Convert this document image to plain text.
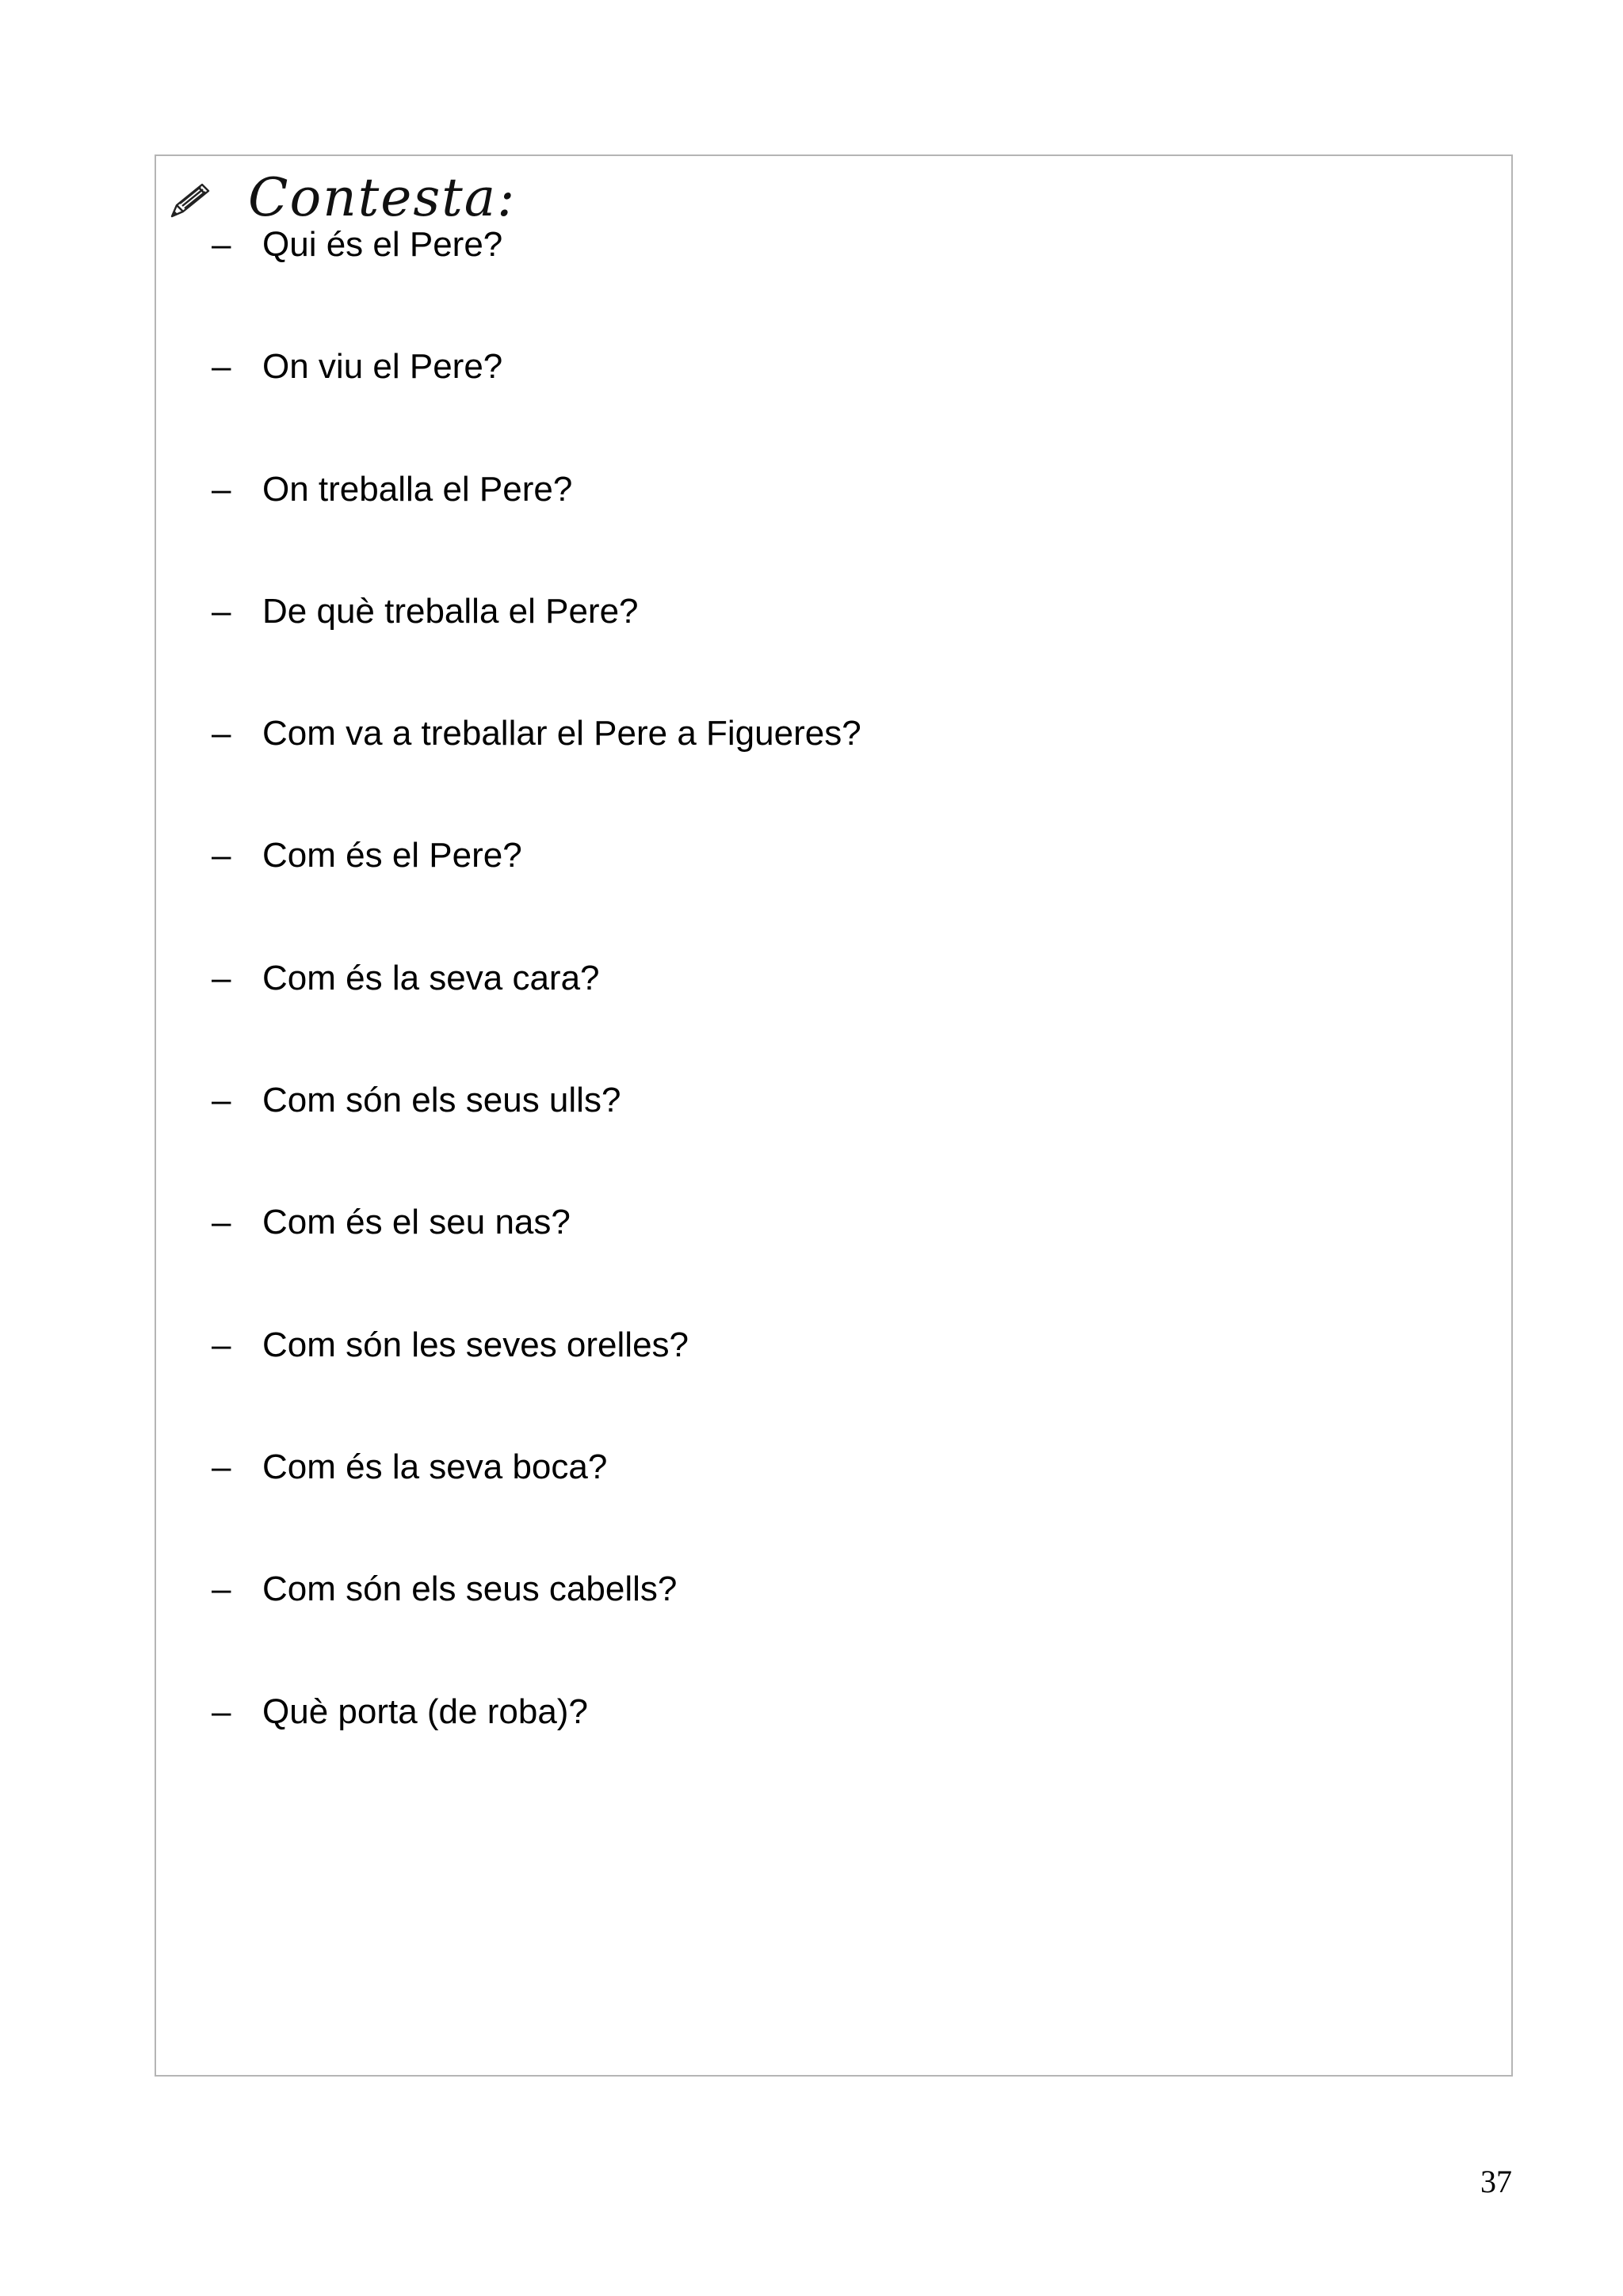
Contesta:
– Qui és el Pere?
– On viu el Pere?
– On treballa el Pere?
– De què treballa el Pere?
– Com va a treballar el Pere a Figueres?
– Com és el Pere?
– Com és la seva cara?
– Com són els seus ulls?
– Com és el seu nas?
– Com són les seves orelles?
– Com és la seva boca?
– Com són els seus cabells?
– Què porta (de roba)?
37
